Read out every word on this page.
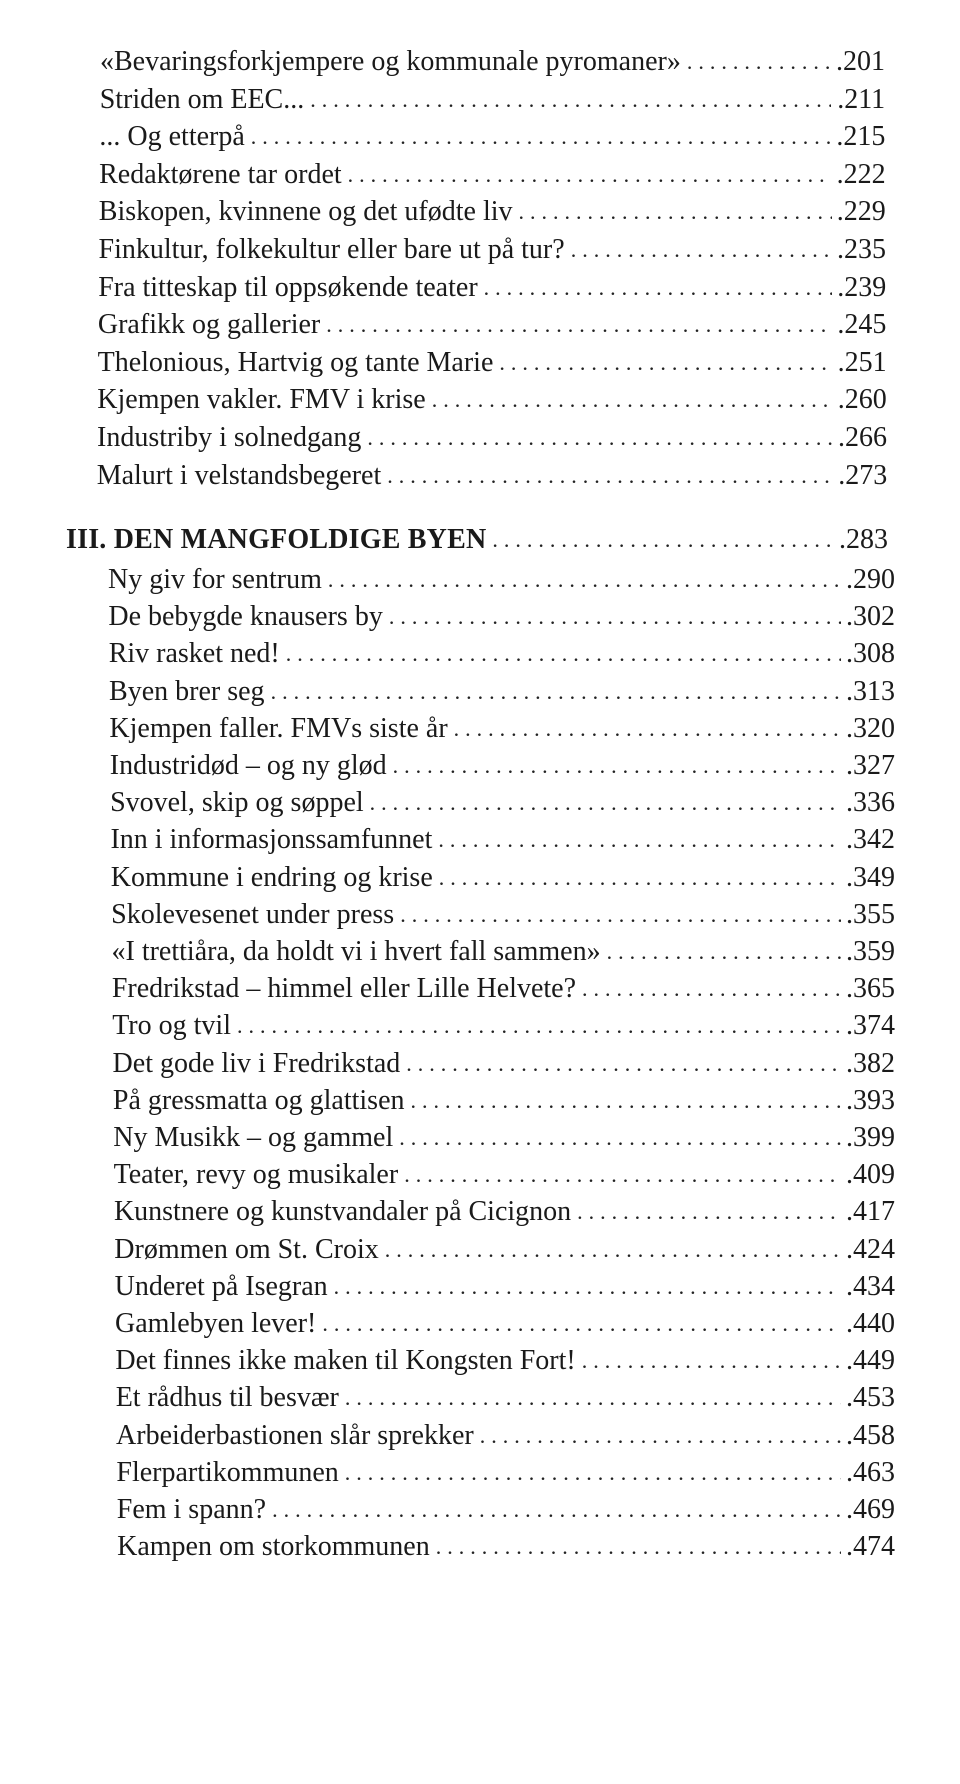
«Bevaringsforkjempere og kommunale pyromaner» .....	.201
Striden om EEC... .....	.211
... Og etterpå .....	.215
Redaktørene tar ordet .....	.222
Biskopen, kvinnene og det ufødte liv .....	.229
Finkultur, folkekultur eller bare ut på tur? .....	.235
Fra titteskap til oppsøkende teater .....	.239
Grafikk og gallerier .....	.245
Thelonious, Hartvig og tante Marie .....	.251
Kjempen vakler. FMV i krise .....	.260
Industriby i solnedgang .....	.266
Malurt i velstandsbegeret .....	.273
III. DEN MANGFOLDIGE BYEN .....	.283
Ny giv for sentrum .....	.290
De bebygde knausers by .....	.302
Riv rasket ned! .....	.308
Byen brer seg .....	.313
Kjempen faller. FMVs siste år .....	.320
Industridød – og ny glød .....	.327
Svovel, skip og søppel .....	.336
Inn i informasjonssamfunnet .....	.342
Kommune i endring og krise .....	.349
Skolevesenet under press .....	.355
«I trettiåra, da holdt vi i hvert fall sammen» .....	.359
Fredrikstad – himmel eller Lille Helvete? .....	.365
Tro og tvil .....	.374
Det gode liv i Fredrikstad .....	.382
På gressmatta og glattisen .....	.393
Ny Musikk – og gammel .....	.399
Teater, revy og musikaler .....	.409
Kunstnere og kunstvandaler på Cicignon .....	.417
Drømmen om St. Croix .....	.424
Underet på Isegran .....	.434
Gamlebyen lever! .....	.440
Det finnes ikke maken til Kongsten Fort! .....	.449
Et rådhus til besvær .....	.453
Arbeiderbastionen slår sprekker .....	.458
Flerpartikommunen .....	.463
Fem i spann? .....	.469
Kampen om storkommunen .....	.474
